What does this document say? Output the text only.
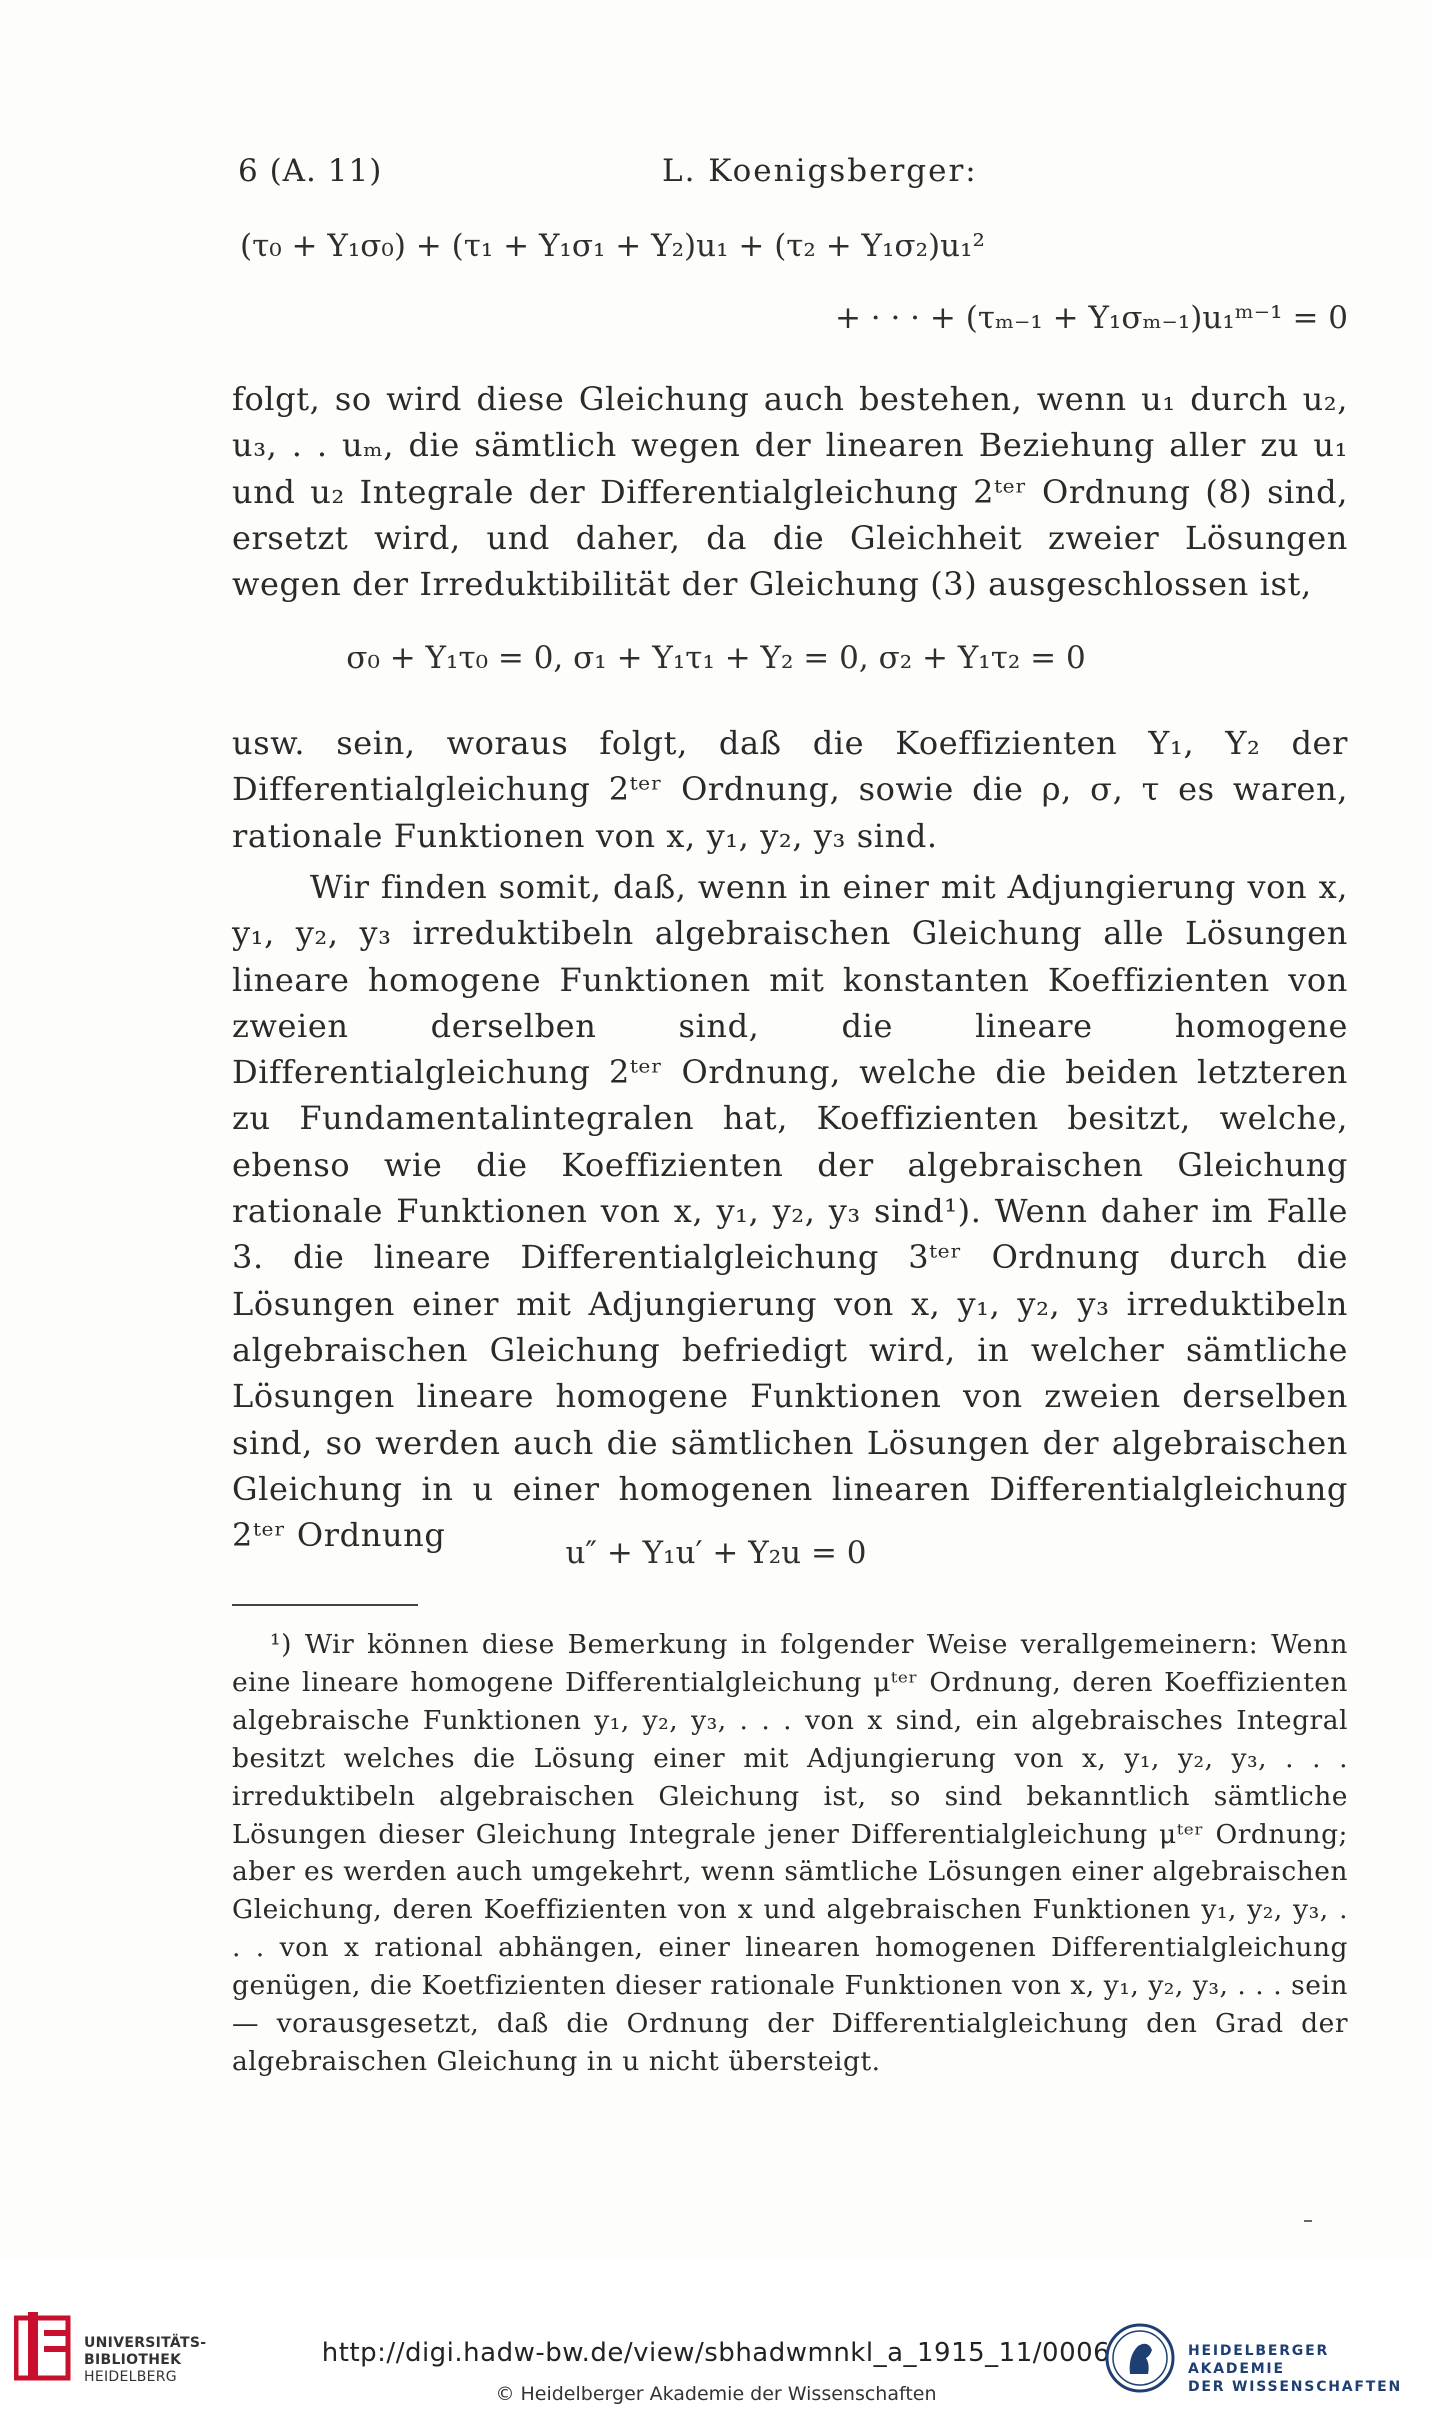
6 (A. 11)	L. Koenigsberger:
(τ₀ + Y₁σ₀) + (τ₁ + Y₁σ₁ + Y₂)u₁ + (τ₂ + Y₁σ₂)u₁²
+ · · · + (τₘ₋₁ + Y₁σₘ₋₁)u₁ᵐ⁻¹ = 0
folgt, so wird diese Gleichung auch bestehen, wenn u₁ durch u₂, u₃, . . uₘ, die sämtlich wegen der linearen Beziehung aller zu u₁ und u₂ Integrale der Differentialgleichung 2ᵗᵉʳ Ordnung (8) sind, ersetzt wird, und daher, da die Gleichheit zweier Lösungen wegen der Irreduktibilität der Gleichung (3) ausgeschlossen ist,
σ₀ + Y₁τ₀ = 0, σ₁ + Y₁τ₁ + Y₂ = 0, σ₂ + Y₁τ₂ = 0
usw. sein, woraus folgt, daß die Koeffizienten Y₁, Y₂ der Differentialgleichung 2ᵗᵉʳ Ordnung, sowie die ρ, σ, τ es waren, rationale Funktionen von x, y₁, y₂, y₃ sind.
Wir finden somit, daß, wenn in einer mit Adjungierung von x, y₁, y₂, y₃ irreduktibeln algebraischen Gleichung alle Lösungen lineare homogene Funktionen mit konstanten Koeffizienten von zweien derselben sind, die lineare homogene Differentialgleichung 2ᵗᵉʳ Ordnung, welche die beiden letzteren zu Fundamentalintegralen hat, Koeffizienten besitzt, welche, ebenso wie die Koeffizienten der algebraischen Gleichung rationale Funktionen von x, y₁, y₂, y₃ sind¹). Wenn daher im Falle 3. die lineare Differentialgleichung 3ᵗᵉʳ Ordnung durch die Lösungen einer mit Adjungierung von x, y₁, y₂, y₃ irreduktibeln algebraischen Gleichung befriedigt wird, in welcher sämtliche Lösungen lineare homogene Funktionen von zweien derselben sind, so werden auch die sämtlichen Lösungen der algebraischen Gleichung in u einer homogenen linearen Differentialgleichung 2ᵗᵉʳ Ordnung	u″ + Y₁u′ + Y₂u = 0
¹) Wir können diese Bemerkung in folgender Weise verallgemeinern: Wenn eine lineare homogene Differentialgleichung μᵗᵉʳ Ordnung, deren Koeffizienten algebraische Funktionen y₁, y₂, y₃, . . . von x sind, ein algebraisches Integral besitzt welches die Lösung einer mit Adjungierung von x, y₁, y₂, y₃, . . . irreduktibeln algebraischen Gleichung ist, so sind bekanntlich sämtliche Lösungen dieser Gleichung Integrale jener Differentialgleichung μᵗᵉʳ Ordnung; aber es werden auch umgekehrt, wenn sämtliche Lösungen einer algebraischen Gleichung, deren Koeffizienten von x und algebraischen Funktionen y₁, y₂, y₃, . . . von x rational abhängen, einer linearen homogenen Differentialgleichung genügen, die Koetfizienten dieser rationale Funktionen von x, y₁, y₂, y₃, . . . sein — vorausgesetzt, daß die Ordnung der Differentialgleichung den Grad der algebraischen Gleichung in u nicht übersteigt.
UNIVERSITÄTS-
BIBLIOTHEK
HEIDELBERG
http://digi.hadw-bw.de/view/sbhadwmnkl_a_1915_11/0006
© Heidelberger Akademie der Wissenschaften
HEIDELBERGER AKADEMIE
DER WISSENSCHAFTEN
